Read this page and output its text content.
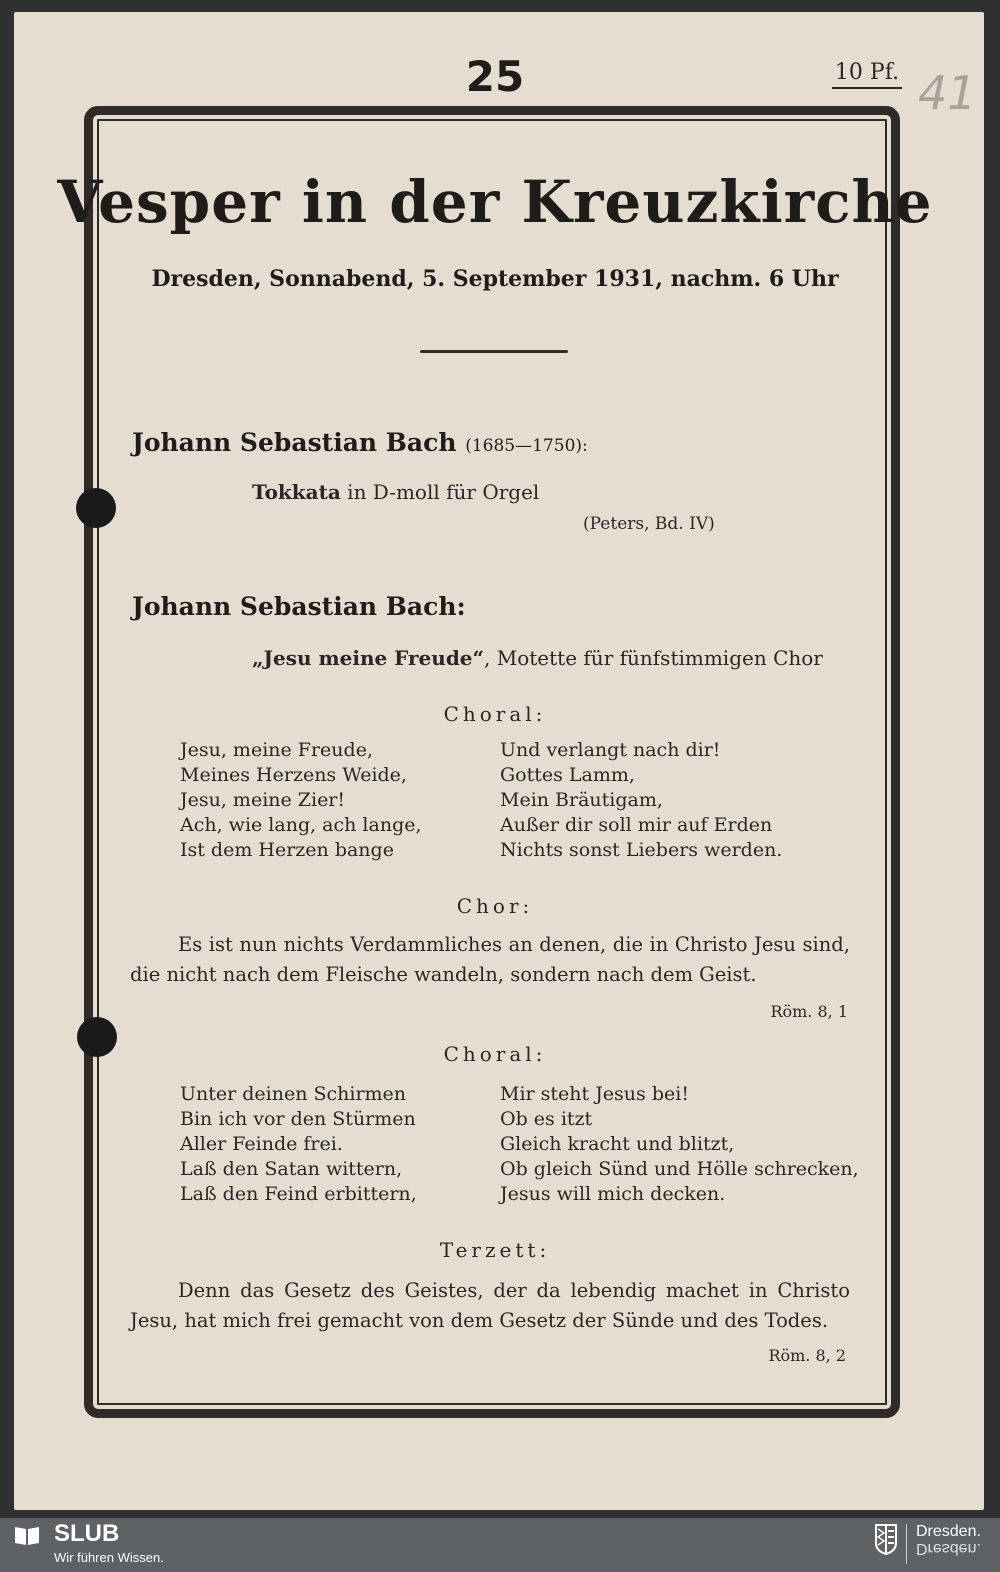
25	10 Pf. 41
Vesper in der Kreuzkirche
Dresden, Sonnabend, 5. September 1931, nachm. 6 Uhr
Johann Sebastian Bach (1685—1750):
Tokkata in D-moll für Orgel
(Peters, Bd. IV)
Johann Sebastian Bach:
„Jesu meine Freude“, Motette für fünfstimmigen Chor
Choral:
Jesu, meine Freude,
Meines Herzens Weide,
Jesu, meine Zier!
Ach, wie lang, ach lange,
Ist dem Herzen bange
Und verlangt nach dir!
Gottes Lamm,
Mein Bräutigam,
Außer dir soll mir auf Erden
Nichts sonst Liebers werden.
Chor:
Es ist nun nichts Verdammliches an denen, die in Christo Jesu sind, die nicht nach dem Fleische wandeln, sondern nach dem Geist.
Röm. 8, 1
Choral:
Unter deinen Schirmen
Bin ich vor den Stürmen
Aller Feinde frei.
Laß den Satan wittern,
Laß den Feind erbittern,
Mir steht Jesus bei!
Ob es itzt
Gleich kracht und blitzt,
Ob gleich Sünd und Hölle schrecken,
Jesus will mich decken.
Terzett:
Denn das Gesetz des Geistes, der da lebendig machet in Christo Jesu, hat mich frei gemacht von dem Gesetz der Sünde und des Todes.
Röm. 8, 2
SLUB
Wir führen Wissen.
Dresden.
Dresden.
